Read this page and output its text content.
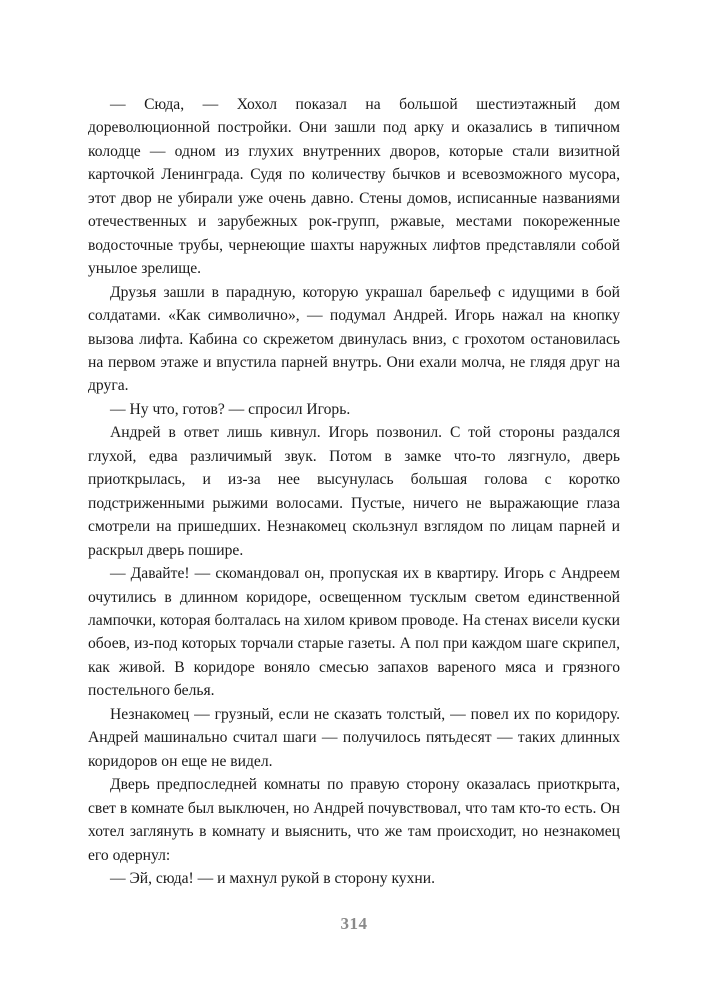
— Сюда, — Хохол показал на большой шестиэтажный дом дореволюционной постройки. Они зашли под арку и оказались в типичном колодце — одном из глухих внутренних дворов, которые стали визитной карточкой Ленинграда. Судя по количеству бычков и всевозможного мусора, этот двор не убирали уже очень давно. Стены домов, исписанные названиями отечественных и зарубежных рок-групп, ржавые, местами покореженные водосточные трубы, чернеющие шахты наружных лифтов представляли собой унылое зрелище.

Друзья зашли в парадную, которую украшал барельеф с идущими в бой солдатами. «Как символично», — подумал Андрей. Игорь нажал на кнопку вызова лифта. Кабина со скрежетом двинулась вниз, с грохотом остановилась на первом этаже и впустила парней внутрь. Они ехали молча, не глядя друг на друга.

— Ну что, готов? — спросил Игорь.

Андрей в ответ лишь кивнул. Игорь позвонил. С той стороны раздался глухой, едва различимый звук. Потом в замке что-то лязгнуло, дверь приоткрылась, и из-за нее высунулась большая голова с коротко подстриженными рыжими волосами. Пустые, ничего не выражающие глаза смотрели на пришедших. Незнакомец скользнул взглядом по лицам парней и раскрыл дверь пошире.

— Давайте! — скомандовал он, пропуская их в квартиру. Игорь с Андреем очутились в длинном коридоре, освещенном тусклым светом единственной лампочки, которая болталась на хилом кривом проводе. На стенах висели куски обоев, из-под которых торчали старые газеты. А пол при каждом шаге скрипел, как живой. В коридоре воняло смесью запахов вареного мяса и грязного постельного белья.

Незнакомец — грузный, если не сказать толстый, — повел их по коридору. Андрей машинально считал шаги — получилось пятьдесят — таких длинных коридоров он еще не видел.

Дверь предпоследней комнаты по правую сторону оказалась приоткрыта, свет в комнате был выключен, но Андрей почувствовал, что там кто-то есть. Он хотел заглянуть в комнату и выяснить, что же там происходит, но незнакомец его одернул:

— Эй, сюда! — и махнул рукой в сторону кухни.

314
